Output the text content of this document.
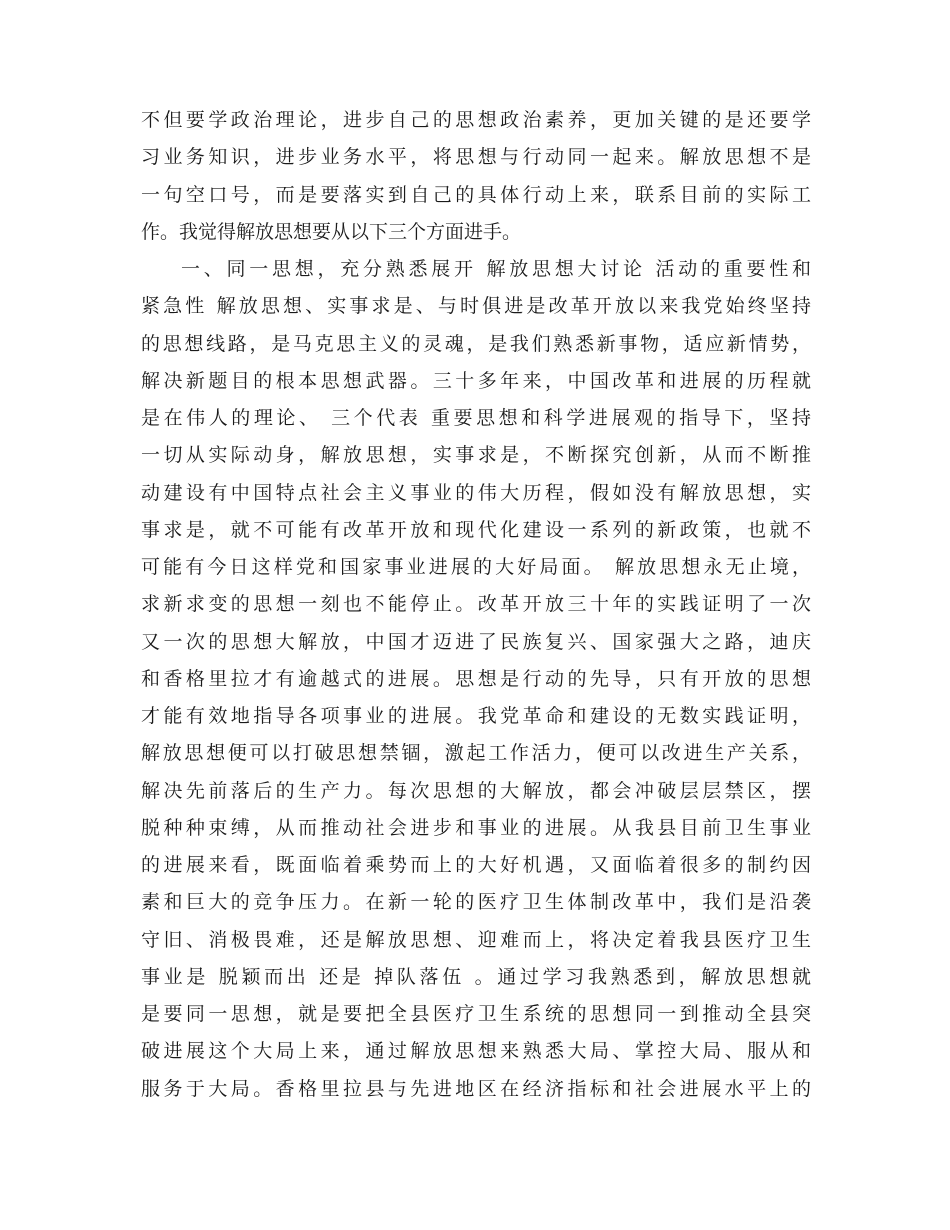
不但要学政治理论，进步自己的思想政治素养，更加关键的是还要学
习业务知识，进步业务水平，将思想与行动同一起来。解放思想不是
一句空口号，而是要落实到自己的具体行动上来，联系目前的实际工
作。我觉得解放思想要从以下三个方面进手。
一、同一思想，充分熟悉展开 解放思想大讨论 活动的重要性和
紧急性 解放思想、实事求是、与时俱进是改革开放以来我党始终坚持
的思想线路，是马克思主义的灵魂，是我们熟悉新事物，适应新情势，
解决新题目的根本思想武器。三十多年来，中国改革和进展的历程就
是在伟人的理论、 三个代表 重要思想和科学进展观的指导下，坚持
一切从实际动身，解放思想，实事求是，不断探究创新，从而不断推
动建设有中国特点社会主义事业的伟大历程，假如没有解放思想，实
事求是，就不可能有改革开放和现代化建设一系列的新政策，也就不
可能有今日这样党和国家事业进展的大好局面。 解放思想永无止境，
求新求变的思想一刻也不能停止。改革开放三十年的实践证明了一次
又一次的思想大解放，中国才迈进了民族复兴、国家强大之路，迪庆
和香格里拉才有逾越式的进展。思想是行动的先导，只有开放的思想
才能有效地指导各项事业的进展。我党革命和建设的无数实践证明，
解放思想便可以打破思想禁锢，激起工作活力，便可以改进生产关系，
解决先前落后的生产力。每次思想的大解放，都会冲破层层禁区，摆
脱种种束缚，从而推动社会进步和事业的进展。从我县目前卫生事业
的进展来看，既面临着乘势而上的大好机遇，又面临着很多的制约因
素和巨大的竞争压力。在新一轮的医疗卫生体制改革中，我们是沿袭
守旧、消极畏难，还是解放思想、迎难而上，将决定着我县医疗卫生
事业是 脱颖而出 还是 掉队落伍 。通过学习我熟悉到，解放思想就
是要同一思想，就是要把全县医疗卫生系统的思想同一到推动全县突
破进展这个大局上来，通过解放思想来熟悉大局、掌控大局、服从和
服务于大局。香格里拉县与先进地区在经济指标和社会进展水平上的
